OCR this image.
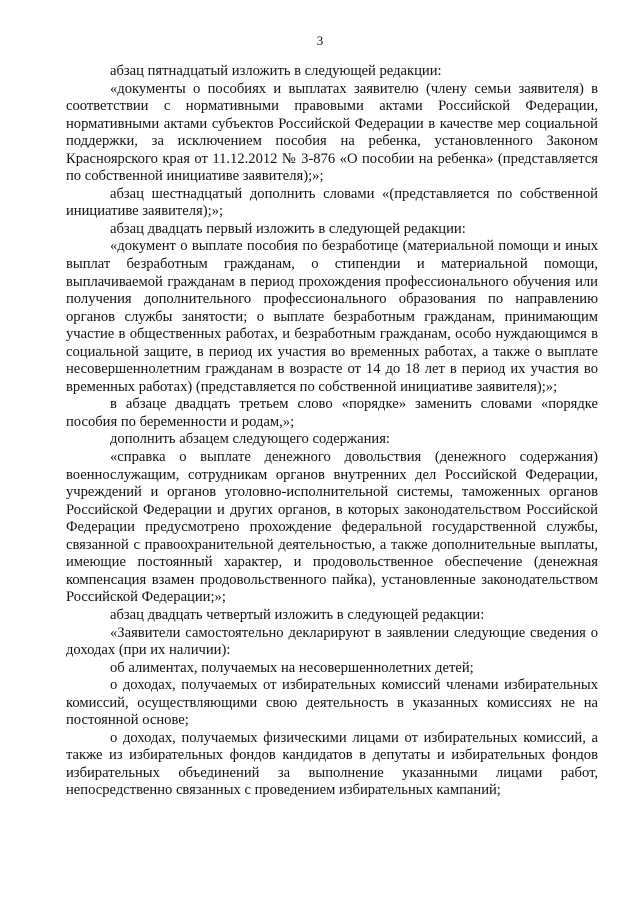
3

абзац пятнадцатый изложить в следующей редакции:

«документы о пособиях и выплатах заявителю (члену семьи заявителя) в соответствии с нормативными правовыми актами Российской Федерации, нормативными актами субъектов Российской Федерации в качестве мер социальной поддержки, за исключением пособия на ребенка, установленного Законом Красноярского края от 11.12.2012 № 3-876 «О пособии на ребенка» (представляется по собственной инициативе заявителя);»;

абзац шестнадцатый дополнить словами «(представляется по собственной инициативе заявителя);»;

абзац двадцать первый изложить в следующей редакции:

«документ о выплате пособия по безработице (материальной помощи и иных выплат безработным гражданам, о стипендии и материальной помощи, выплачиваемой гражданам в период прохождения профессионального обучения или получения дополнительного профессионального образования по направлению органов службы занятости; о выплате безработным гражданам, принимающим участие в общественных работах, и безработным гражданам, особо нуждающимся в социальной защите, в период их участия во временных работах, а также о выплате несовершеннолетним гражданам в возрасте от 14 до 18 лет в период их участия во временных работах) (представляется по собственной инициативе заявителя);»;

в абзаце двадцать третьем слово «порядке» заменить словами «порядке пособия по беременности и родам,»;

дополнить абзацем следующего содержания:

«справка о выплате денежного довольствия (денежного содержания) военнослужащим, сотрудникам органов внутренних дел Российской Федерации, учреждений и органов уголовно-исполнительной системы, таможенных органов Российской Федерации и других органов, в которых законодательством Российской Федерации предусмотрено прохождение федеральной государственной службы, связанной с правоохранительной деятельностью, а также дополнительные выплаты, имеющие постоянный характер, и продовольственное обеспечение (денежная компенсация взамен продовольственного пайка), установленные законодательством Российской Федерации;»;

абзац двадцать четвертый изложить в следующей редакции:

«Заявители самостоятельно декларируют в заявлении следующие сведения о доходах (при их наличии):

об алиментах, получаемых на несовершеннолетних детей;

о доходах, получаемых от избирательных комиссий членами избирательных комиссий, осуществляющими свою деятельность в указанных комиссиях не на постоянной основе;

о доходах, получаемых физическими лицами от избирательных комиссий, а также из избирательных фондов кандидатов в депутаты и избирательных фондов избирательных объединений за выполнение указанными лицами работ, непосредственно связанных с проведением избирательных кампаний;
